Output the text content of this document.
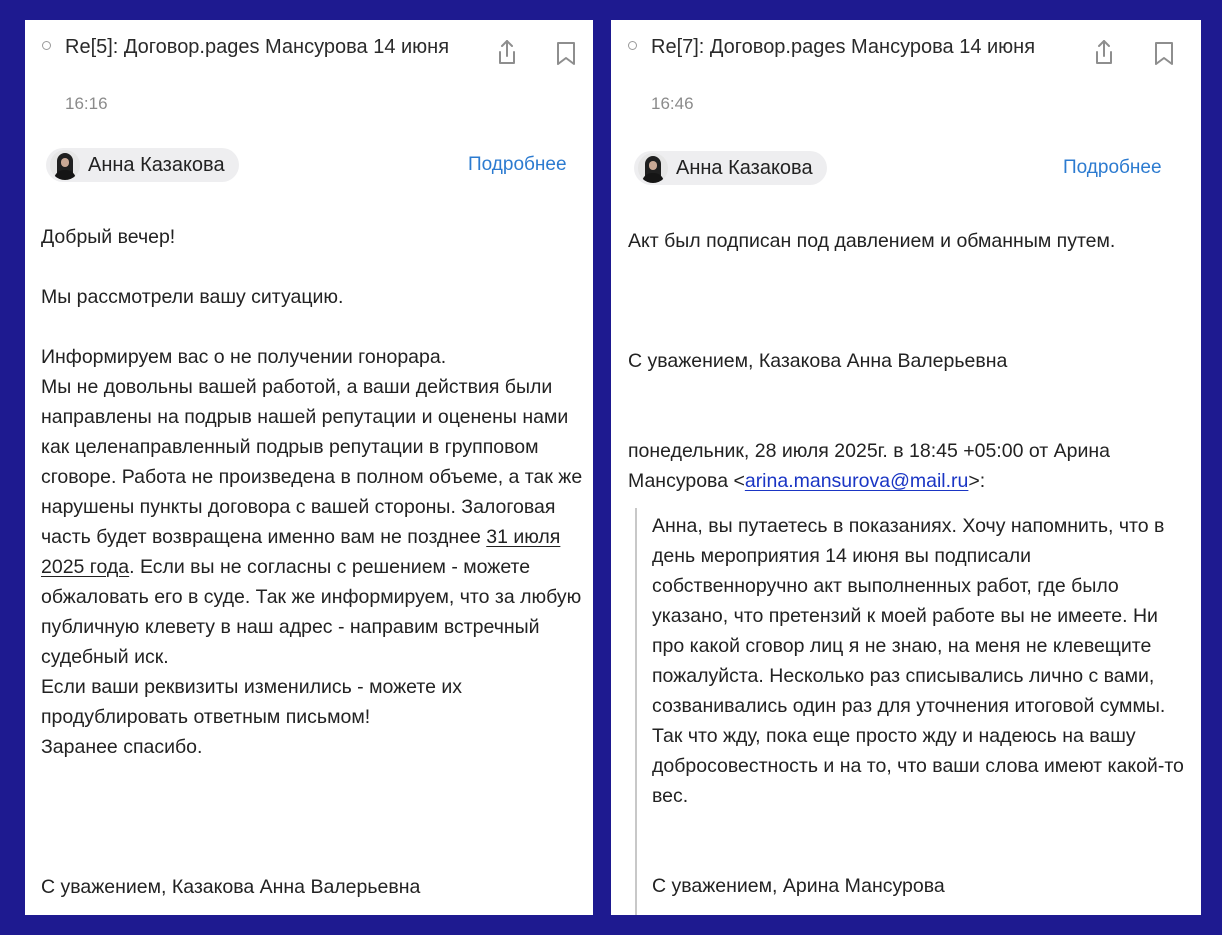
Re[5]: Договор.pages Мансурова 14 июня
16:16
Анна Казакова	Подробнее
Добрый вечер!
Мы рассмотрели вашу ситуацию.
Информируем вас о не получении гонорара.
Мы не довольны вашей работой, а ваши действия были направлены на подрыв нашей репутации и оценены нами как целенаправленный подрыв репутации в групповом сговоре. Работа не произведена в полном объеме, а так же нарушены пункты договора с вашей стороны. Залоговая часть будет возвращена именно вам не позднее 31 июля 2025 года. Если вы не согласны с решением - можете обжаловать его в суде. Так же информируем, что за любую публичную клевету в наш адрес - направим встречный судебный иск.
Если ваши реквизиты изменились - можете их продублировать ответным письмом!
Заранее спасибо.
С уважением, Казакова Анна Валерьевна
Re[7]: Договор.pages Мансурова 14 июня
16:46
Анна Казакова	Подробнее
Акт был подписан под давлением и обманным путем.
С уважением, Казакова Анна Валерьевна
понедельник, 28 июля 2025г. в 18:45 +05:00 от Арина Мансурова <arina.mansurova@mail.ru>:
Анна, вы путаетесь в показаниях. Хочу напомнить, что в день мероприятия 14 июня вы подписали собственноручно акт выполненных работ, где было указано, что претензий к моей работе вы не имеете. Ни про какой сговор лиц я не знаю, на меня не клевещите пожалуйста. Несколько раз списывались лично с вами, созванивались один раз для уточнения итоговой суммы. Так что жду, пока еще просто жду и надеюсь на вашу добросовестность и на то, что ваши слова имеют какой-то вес.
С уважением, Арина Мансурова
